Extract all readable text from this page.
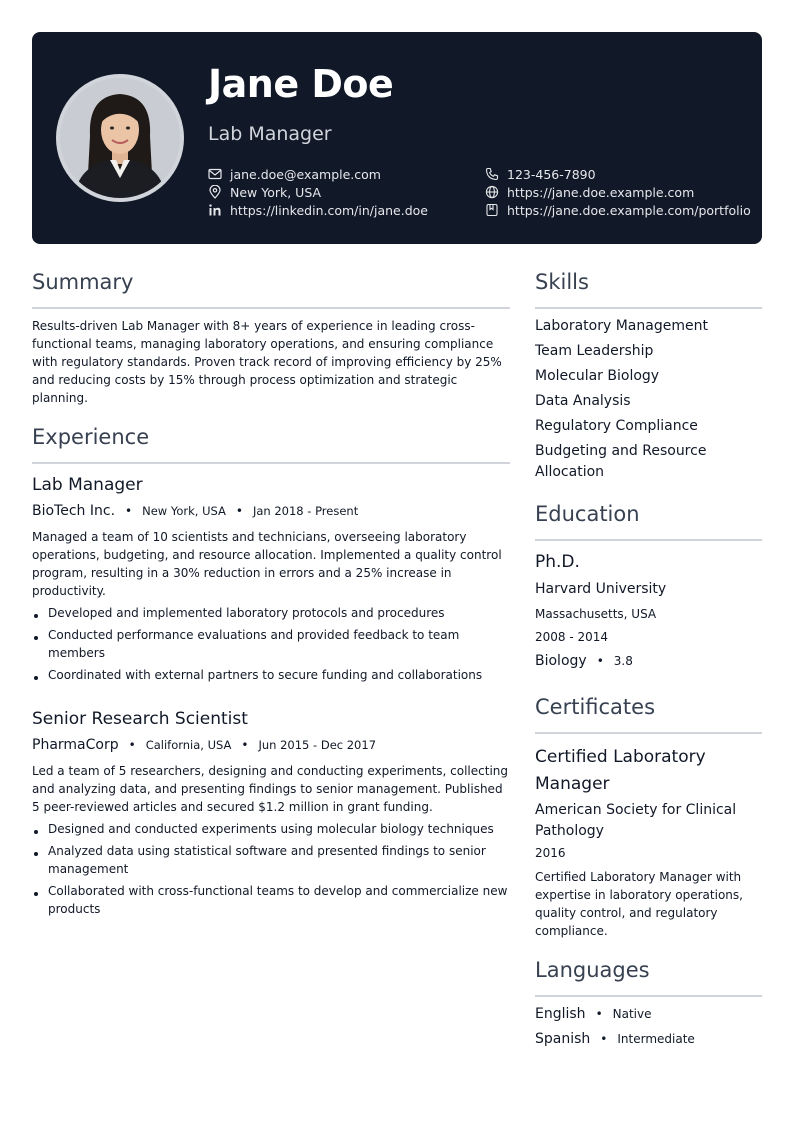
Jane Doe
Lab Manager
jane.doe@example.com
New York, USA
https://linkedin.com/in/jane.doe
123-456-7890
https://jane.doe.example.com
https://jane.doe.example.com/portfolio
Summary
Results-driven Lab Manager with 8+ years of experience in leading cross-functional teams, managing laboratory operations, and ensuring compliance with regulatory standards. Proven track record of improving efficiency by 25% and reducing costs by 15% through process optimization and strategic planning.
Experience
Lab Manager
BioTech Inc. • New York, USA • Jan 2018 - Present
Managed a team of 10 scientists and technicians, overseeing laboratory operations, budgeting, and resource allocation. Implemented a quality control program, resulting in a 30% reduction in errors and a 25% increase in productivity.
Developed and implemented laboratory protocols and procedures
Conducted performance evaluations and provided feedback to team members
Coordinated with external partners to secure funding and collaborations
Senior Research Scientist
PharmaCorp • California, USA • Jun 2015 - Dec 2017
Led a team of 5 researchers, designing and conducting experiments, collecting and analyzing data, and presenting findings to senior management. Published 5 peer-reviewed articles and secured $1.2 million in grant funding.
Designed and conducted experiments using molecular biology techniques
Analyzed data using statistical software and presented findings to senior management
Collaborated with cross-functional teams to develop and commercialize new products
Skills
Laboratory Management
Team Leadership
Molecular Biology
Data Analysis
Regulatory Compliance
Budgeting and Resource Allocation
Education
Ph.D.
Harvard University
Massachusetts, USA
2008 - 2014
Biology • 3.8
Certificates
Certified Laboratory Manager
American Society for Clinical Pathology
2016
Certified Laboratory Manager with expertise in laboratory operations, quality control, and regulatory compliance.
Languages
English • Native
Spanish • Intermediate
